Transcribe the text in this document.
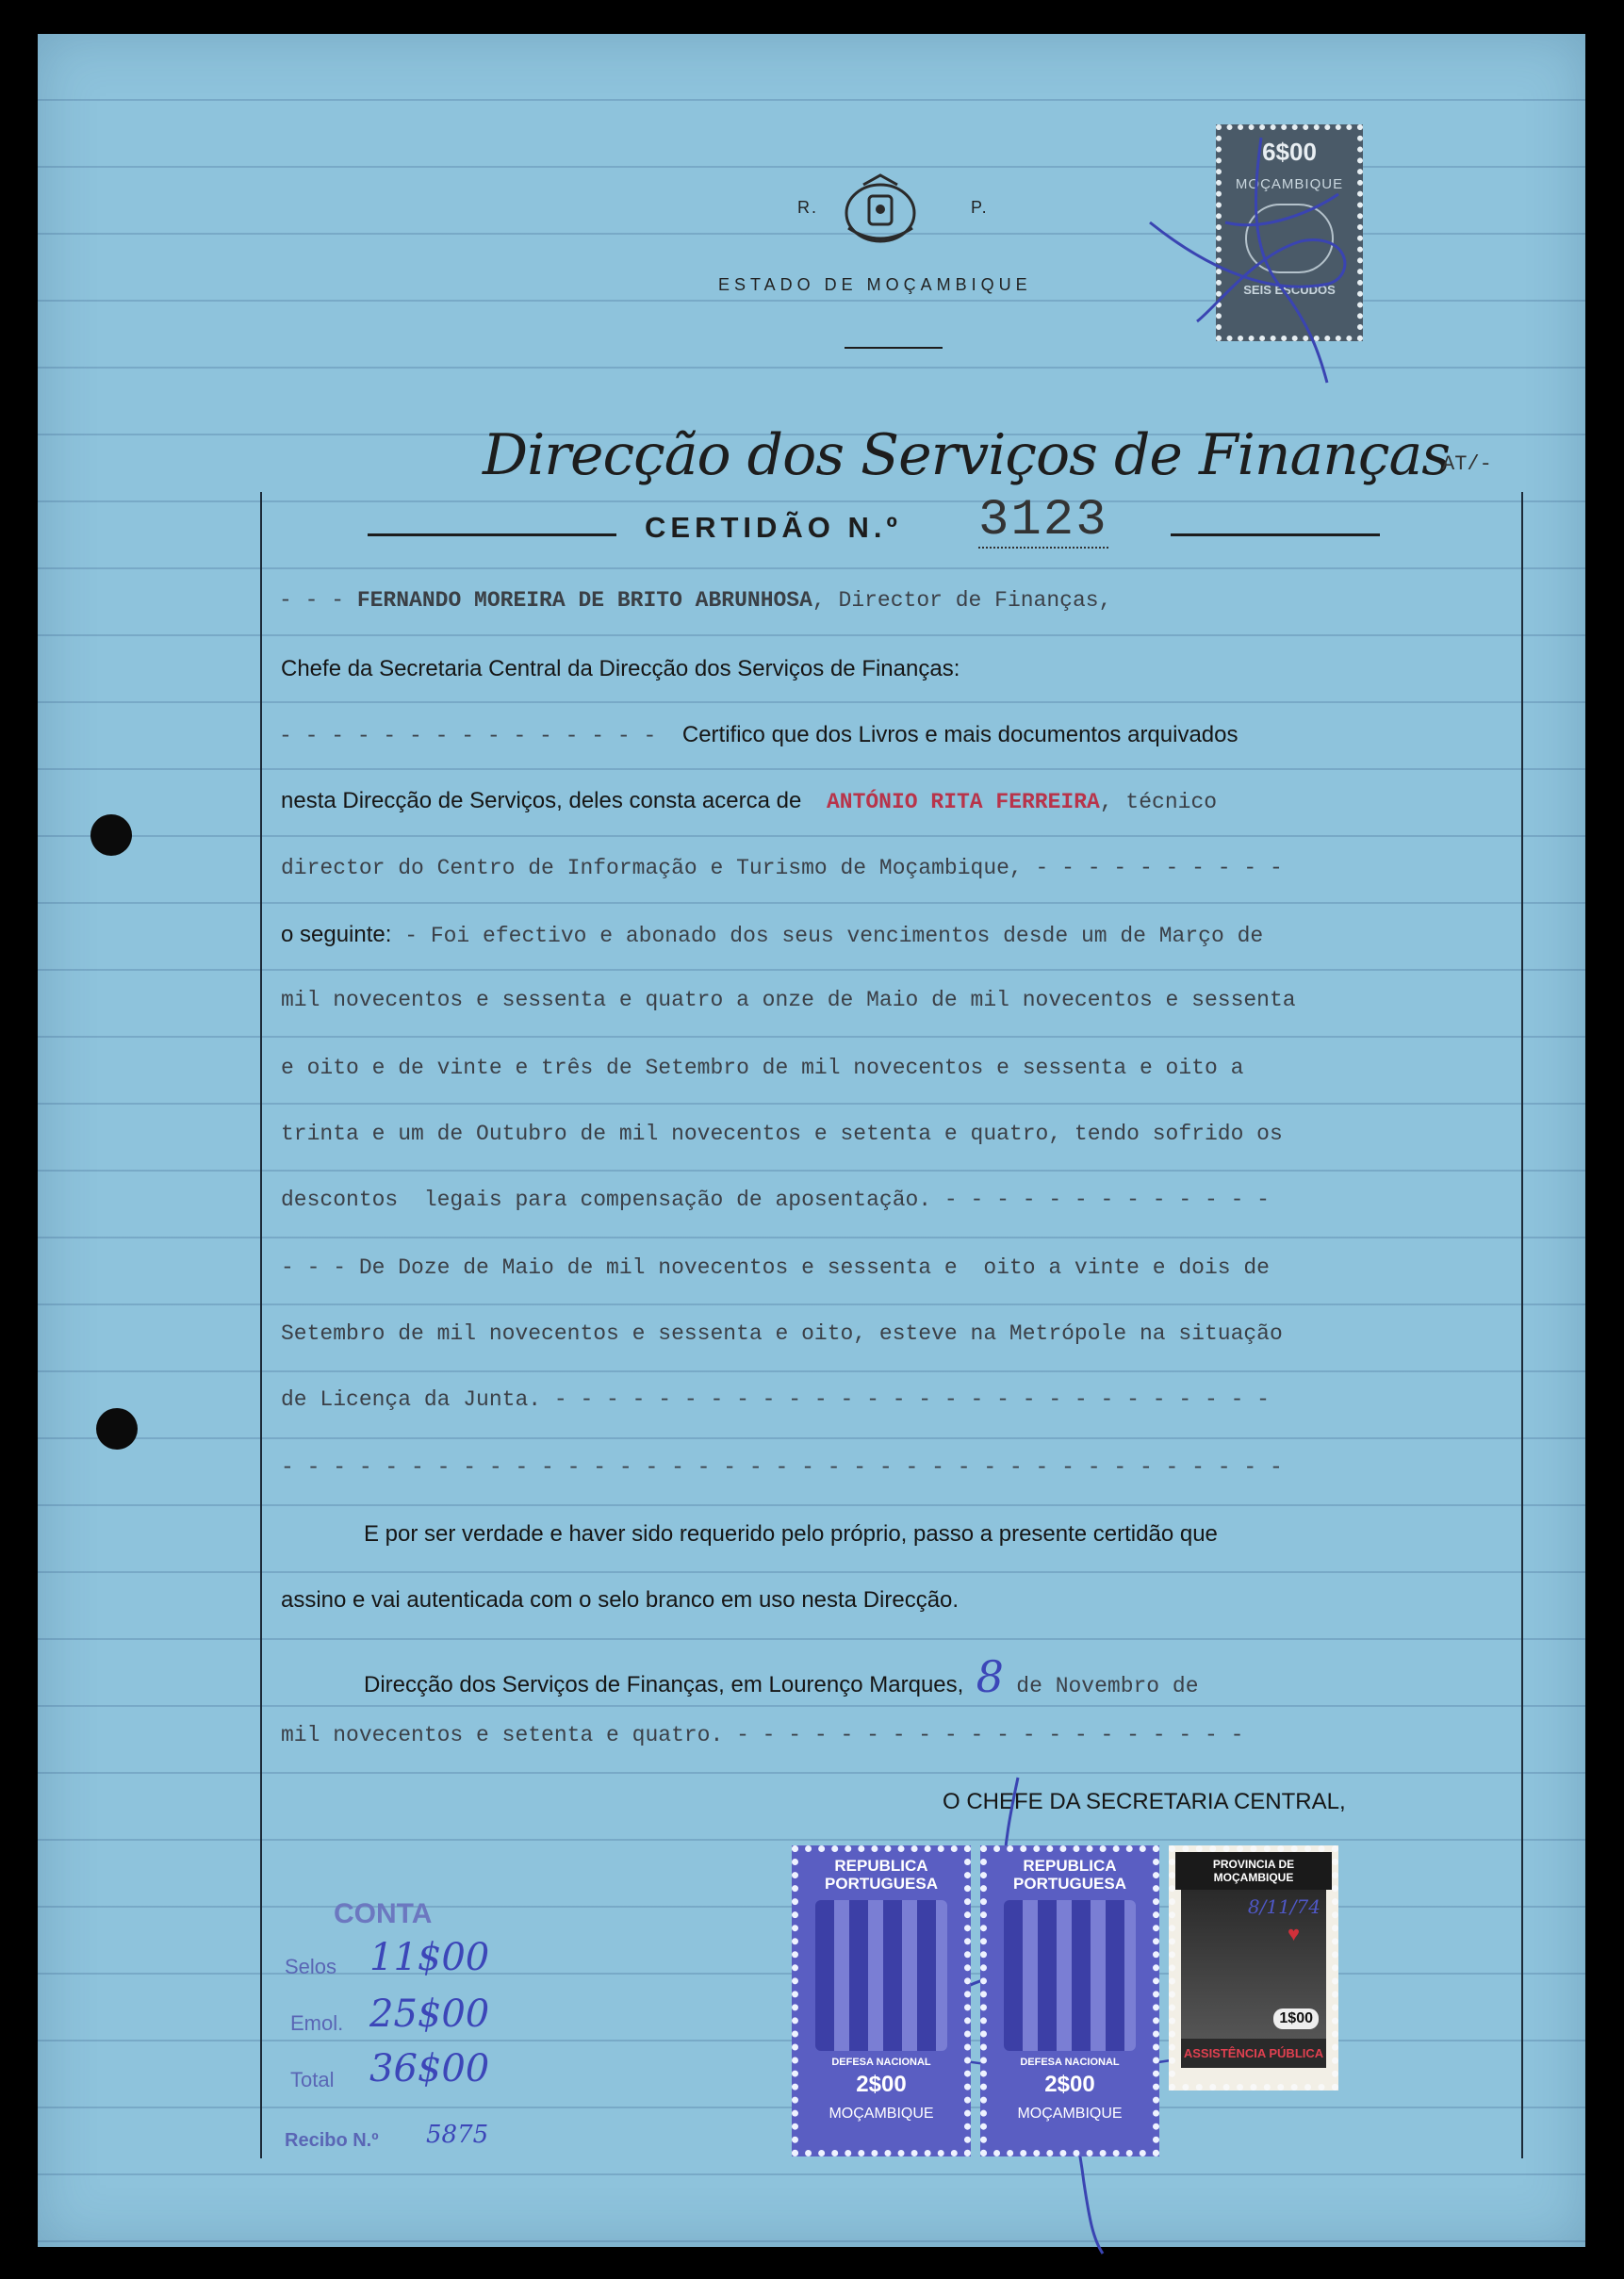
R.	P.
ESTADO DE MOÇAMBIQUE
6$00
MOÇAMBIQUE
SEIS ESCUDOS
Direcção dos Serviços de Finanças
AT/-
CERTIDÃO N.º 3123
- - - FERNANDO MOREIRA DE BRITO ABRUNHOSA, Director de Finanças,
Chefe da Secretaria Central da Direcção dos Serviços de Finanças:
- - - - - - - - - - - - - - - Certifico que dos Livros e mais documentos arquivados
nesta Direcção de Serviços, deles consta acerca de ANTÓNIO RITA FERREIRA, técnico
director do Centro de Informação e Turismo de Moçambique, - - - - - - - - - -
o seguinte: - Foi efectivo e abonado dos seus vencimentos desde um de Março de
mil novecentos e sessenta e quatro a onze de Maio de mil novecentos e sessenta
e oito e de vinte e três de Setembro de mil novecentos e sessenta e oito a
trinta e um de Outubro de mil novecentos e setenta e quatro, tendo sofrido os
descontos  legais para compensação de aposentação. - - - - - - - - - - - - -
- - - De Doze de Maio de mil novecentos e sessenta e  oito a vinte e dois de
Setembro de mil novecentos e sessenta e oito, esteve na Metrópole na situação
de Licença da Junta. - - - - - - - - - - - - - - - - - - - - - - - - - - - -
- - - - - - - - - - - - - - - - - - - - - - - - - - - - - - - - - - - - - - -
E por ser verdade e haver sido requerido pelo próprio, passo a presente certidão que
assino e vai autenticada com o selo branco em uso nesta Direcção.
Direcção dos Serviços de Finanças, em Lourenço Marques, 8 de Novembro de
mil novecentos e setenta e quatro. - - - - - - - - - - - - - - - - - - - -
O CHEFE DA SECRETARIA CENTRAL,
CONTA
Selos 11$00
Emol. 25$00
Total 36$00
Recibo N.º 5875
REPUBLICA PORTUGUESA
DEFESA NACIONAL
2$00
MOÇAMBIQUE
REPUBLICA PORTUGUESA
DEFESA NACIONAL
2$00
MOÇAMBIQUE
PROVINCIA DE MOÇAMBIQUE
8/11/74
♥
1$00
ASSISTÊNCIA PÚBLICA
